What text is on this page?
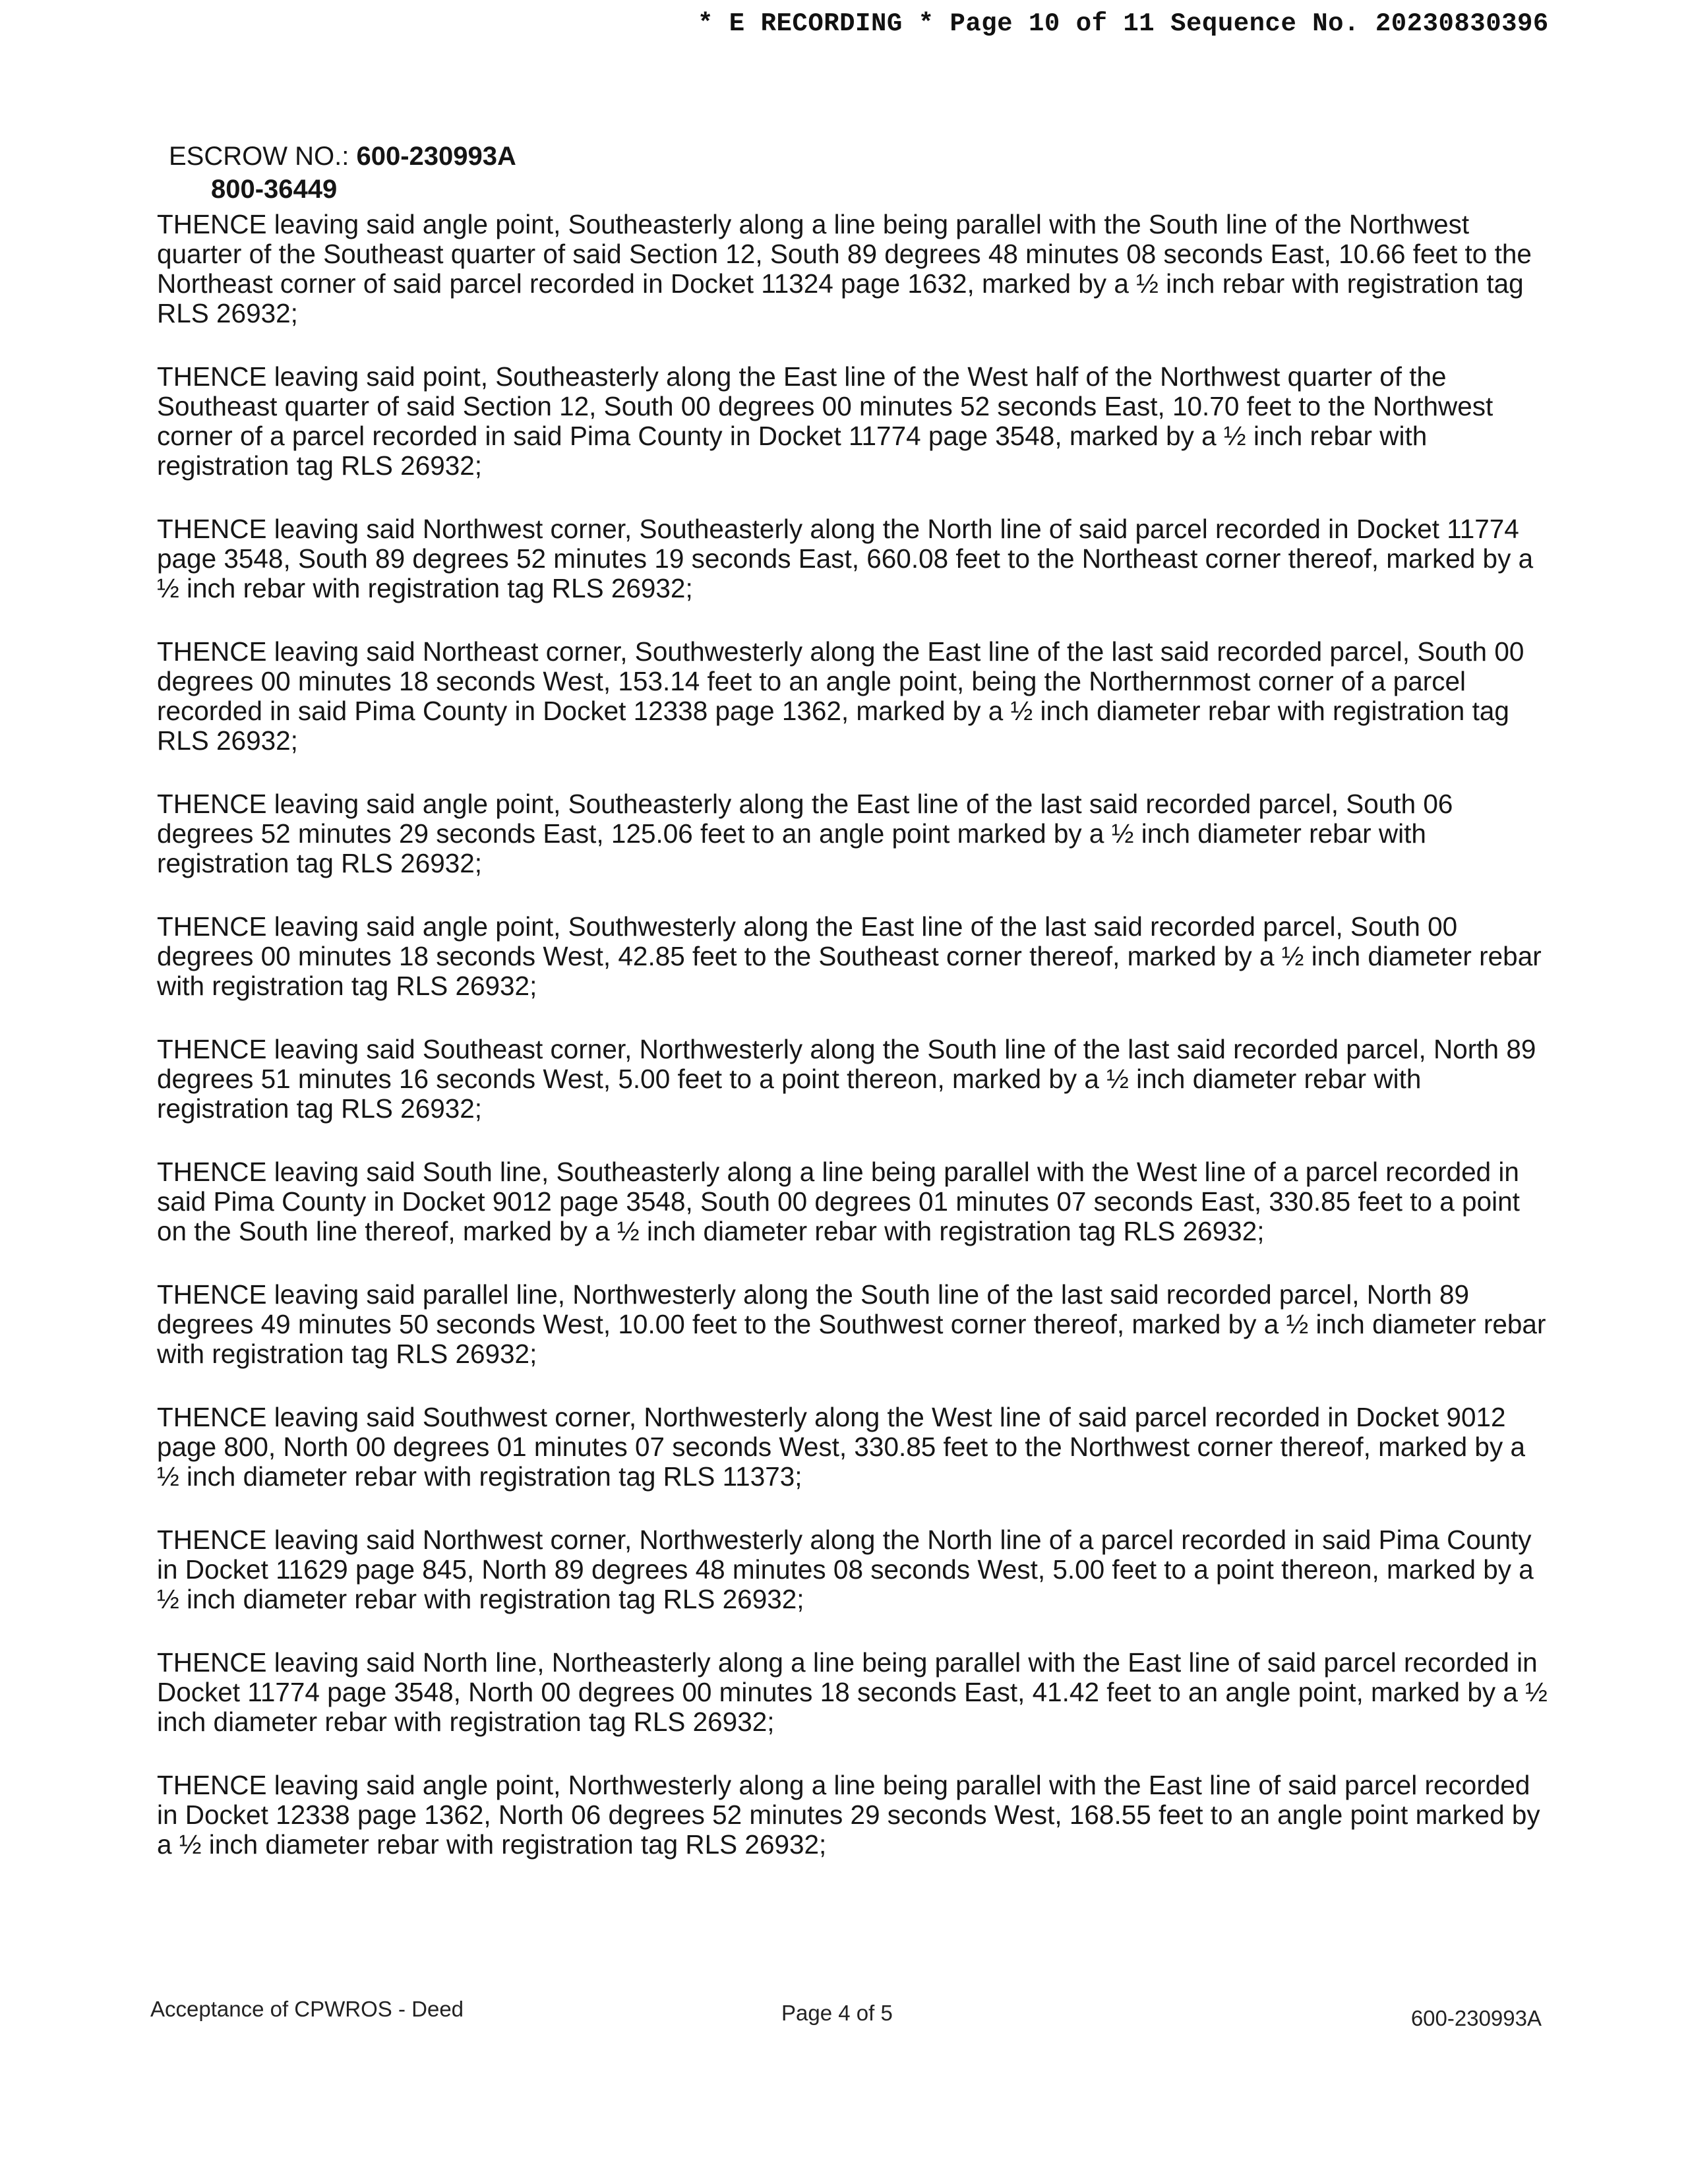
* E RECORDING * Page 10 of 11 Sequence No. 20230830396
ESCROW NO.: 600-230993A
800-36449

THENCE leaving said angle point, Southeasterly along a line being parallel with the South line of the Northwest quarter of the Southeast quarter of said Section 12, South 89 degrees 48 minutes 08 seconds East, 10.66 feet to the Northeast corner of said parcel recorded in Docket 11324 page 1632, marked by a ½ inch rebar with registration tag RLS 26932;

THENCE leaving said point, Southeasterly along the East line of the West half of the Northwest quarter of the Southeast quarter of said Section 12, South 00 degrees 00 minutes 52 seconds East, 10.70 feet to the Northwest corner of a parcel recorded in said Pima County in Docket 11774 page 3548, marked by a ½ inch rebar with registration tag RLS 26932;

THENCE leaving said Northwest corner, Southeasterly along the North line of said parcel recorded in Docket 11774 page 3548, South 89 degrees 52 minutes 19 seconds East, 660.08 feet to the Northeast corner thereof, marked by a ½ inch rebar with registration tag RLS 26932;

THENCE leaving said Northeast corner, Southwesterly along the East line of the last said recorded parcel, South 00 degrees 00 minutes 18 seconds West, 153.14 feet to an angle point, being the Northernmost corner of a parcel recorded in said Pima County in Docket 12338 page 1362, marked by a ½ inch diameter rebar with registration tag RLS 26932;

THENCE leaving said angle point, Southeasterly along the East line of the last said recorded parcel, South 06 degrees 52 minutes 29 seconds East, 125.06 feet to an angle point marked by a ½ inch diameter rebar with registration tag RLS 26932;

THENCE leaving said angle point, Southwesterly along the East line of the last said recorded parcel, South 00 degrees 00 minutes 18 seconds West, 42.85 feet to the Southeast corner thereof, marked by a ½ inch diameter rebar with registration tag RLS 26932;

THENCE leaving said Southeast corner, Northwesterly along the South line of the last said recorded parcel, North 89 degrees 51 minutes 16 seconds West, 5.00 feet to a point thereon, marked by a ½ inch diameter rebar with registration tag RLS 26932;

THENCE leaving said South line, Southeasterly along a line being parallel with the West line of a parcel recorded in said Pima County in Docket 9012 page 3548, South 00 degrees 01 minutes 07 seconds East, 330.85 feet to a point on the South line thereof, marked by a ½ inch diameter rebar with registration tag RLS 26932;

THENCE leaving said parallel line, Northwesterly along the South line of the last said recorded parcel, North 89 degrees 49 minutes 50 seconds West, 10.00 feet to the Southwest corner thereof, marked by a ½ inch diameter rebar with registration tag RLS 26932;

THENCE leaving said Southwest corner, Northwesterly along the West line of said parcel recorded in Docket 9012 page 800, North 00 degrees 01 minutes 07 seconds West, 330.85 feet to the Northwest corner thereof, marked by a ½ inch diameter rebar with registration tag RLS 11373;

THENCE leaving said Northwest corner, Northwesterly along the North line of a parcel recorded in said Pima County in Docket 11629 page 845, North 89 degrees 48 minutes 08 seconds West, 5.00 feet to a point thereon, marked by a ½ inch diameter rebar with registration tag RLS 26932;

THENCE leaving said North line, Northeasterly along a line being parallel with the East line of said parcel recorded in Docket 11774 page 3548, North 00 degrees 00 minutes 18 seconds East, 41.42 feet to an angle point, marked by a ½ inch diameter rebar with registration tag RLS 26932;

THENCE leaving said angle point, Northwesterly along a line being parallel with the East line of said parcel recorded in Docket 12338 page 1362, North 06 degrees 52 minutes 29 seconds West, 168.55 feet to an angle point marked by a ½ inch diameter rebar with registration tag RLS 26932;

Acceptance of CPWROS - Deed	Page 4 of 5	600-230993A
